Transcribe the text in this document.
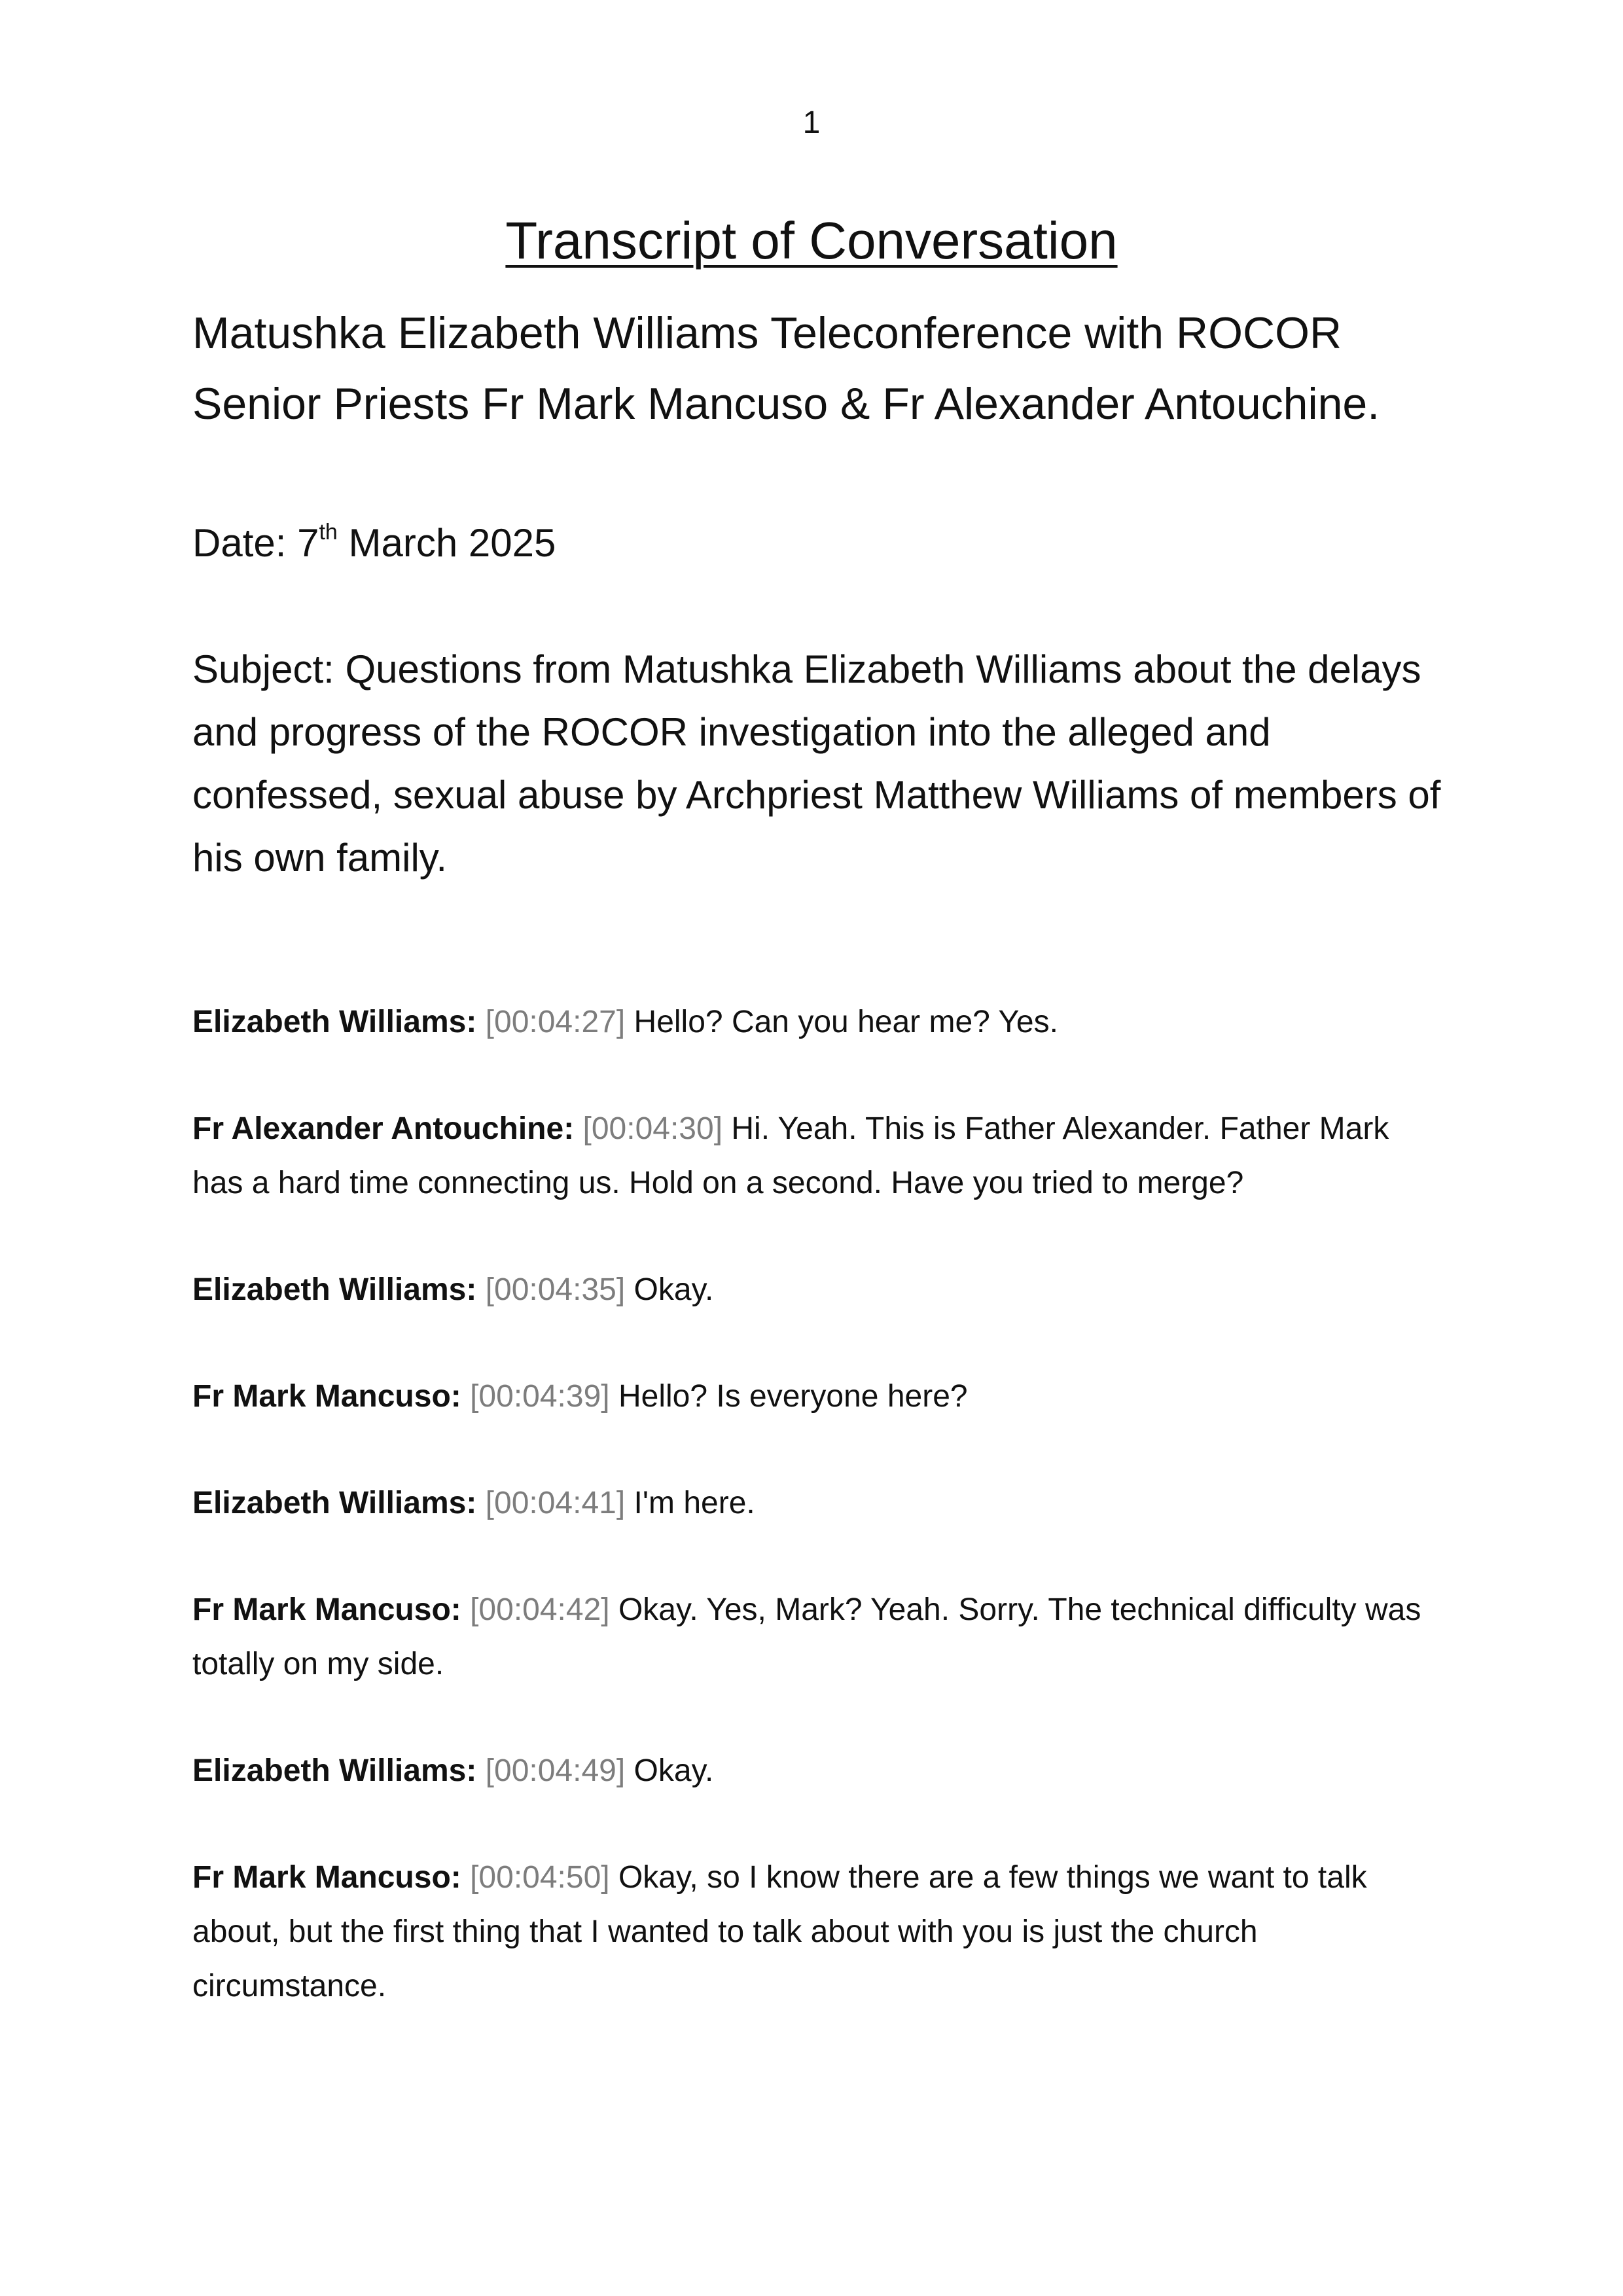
1
Transcript of Conversation
Matushka Elizabeth Williams Teleconference with ROCOR Senior Priests Fr Mark Mancuso & Fr Alexander Antouchine.
Date: 7th March 2025
Subject: Questions from Matushka Elizabeth Williams about the delays and progress of the ROCOR investigation into the alleged and confessed, sexual abuse by Archpriest Matthew Williams of members of his own family.

Elizabeth Williams: [00:04:27] Hello? Can you hear me? Yes.

Fr Alexander Antouchine: [00:04:30] Hi. Yeah. This is Father Alexander. Father Mark has a hard time connecting us. Hold on a second. Have you tried to merge?

Elizabeth Williams: [00:04:35] Okay.

Fr Mark Mancuso: [00:04:39] Hello? Is everyone here?

Elizabeth Williams: [00:04:41] I'm here.

Fr Mark Mancuso: [00:04:42] Okay. Yes, Mark? Yeah. Sorry. The technical difficulty was totally on my side.

Elizabeth Williams: [00:04:49] Okay.

Fr Mark Mancuso: [00:04:50] Okay, so I know there are a few things we want to talk about, but the first thing that I wanted to talk about with you is just the church circumstance.
